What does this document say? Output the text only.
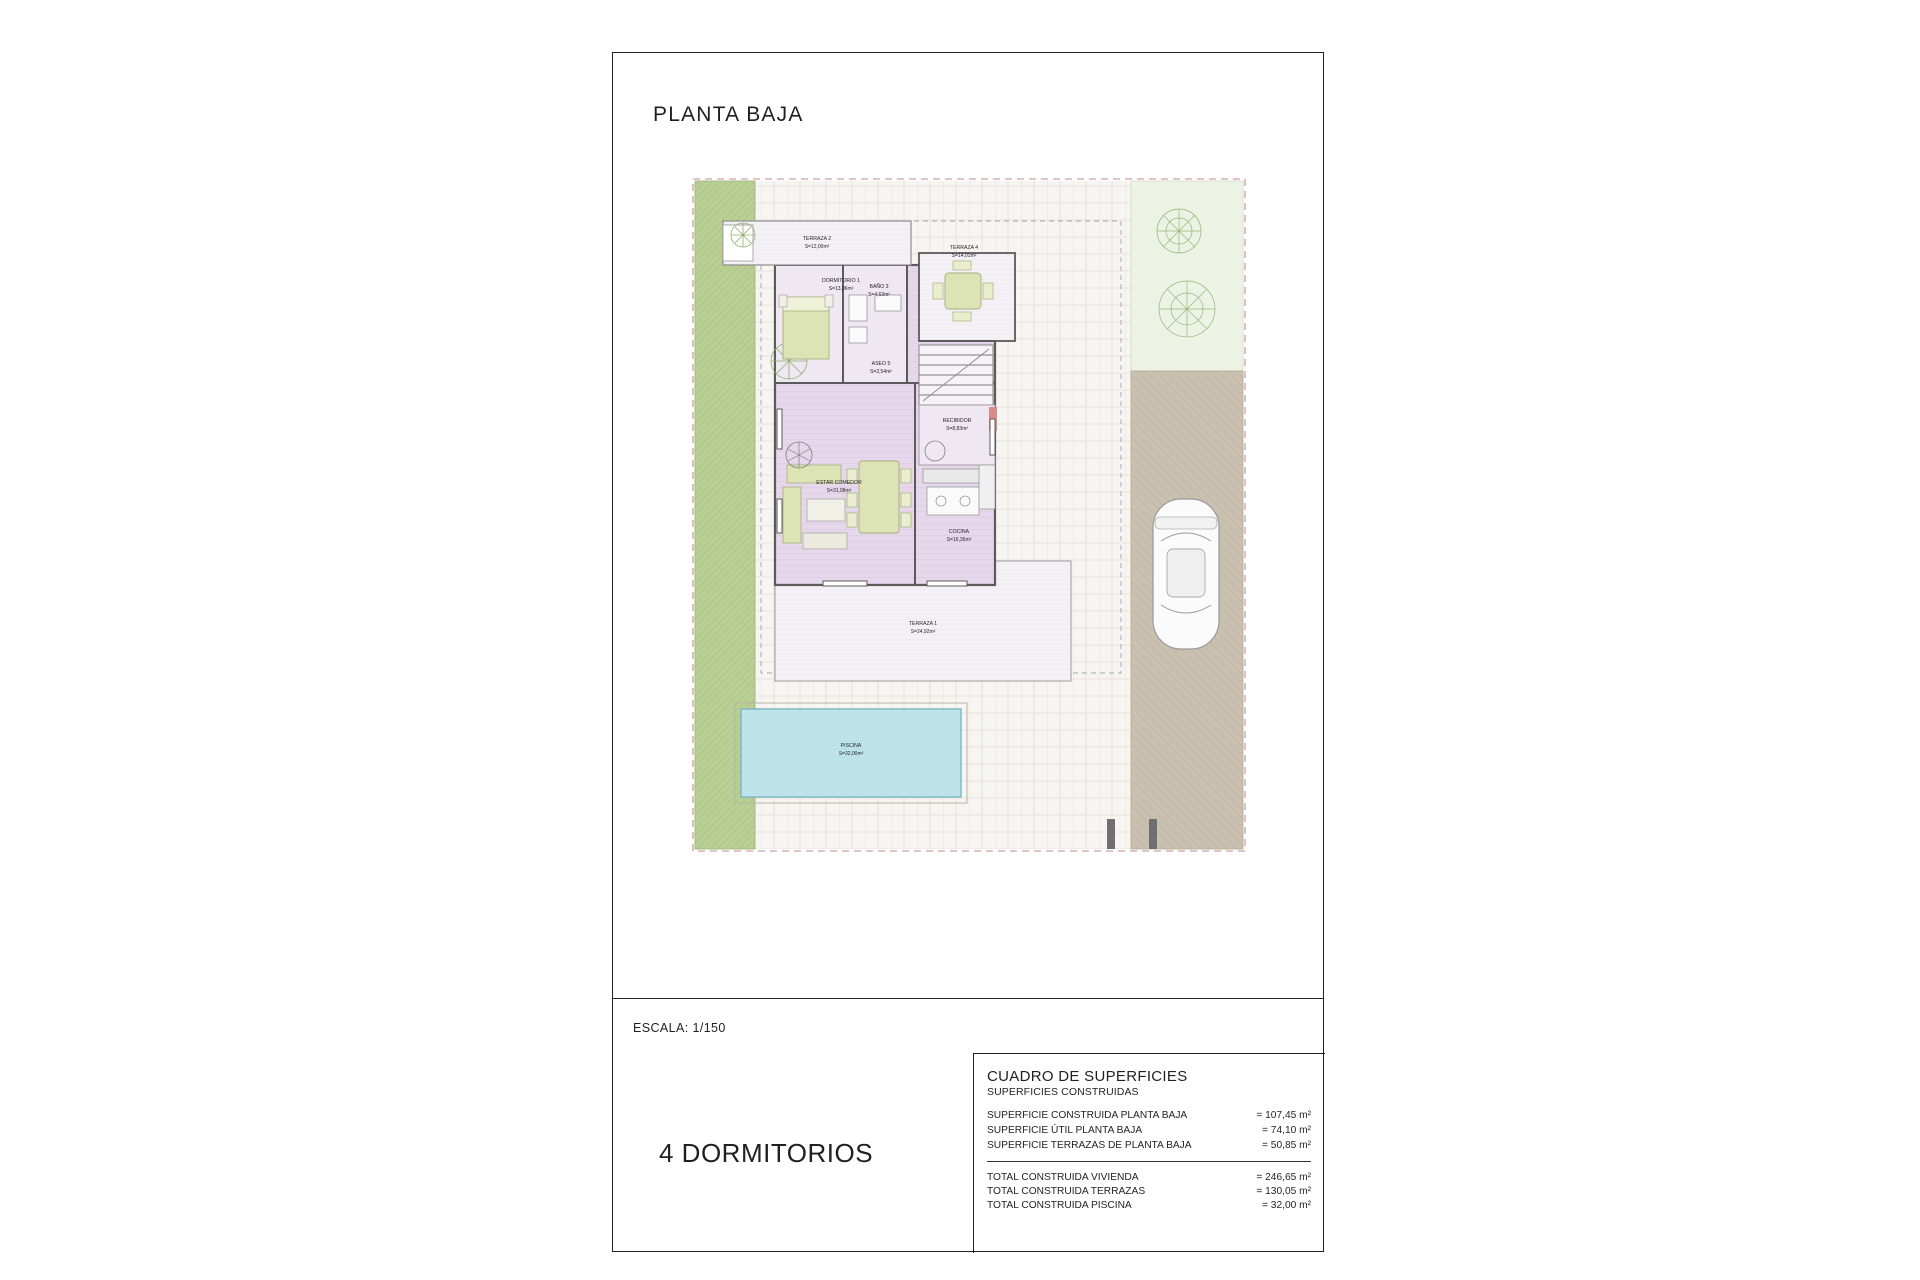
PLANTA BAJA
TERRAZA 2
S=12,00m²
DORMITORIO 1
S=13,06m²	BAÑO 3
S=4,63m²
TERRAZA 4
S=14,01m²
ASEO 5
S=2,54m²
RECIBIDOR
S=8,83m²
ESTAR COMEDOR
S=31,08m²
COCINA
S=16,36m²
TERRAZA 1
S=24,92m²
PISCINA
S=32,00m²
ESCALA: 1/150
4 DORMITORIOS
CUADRO DE SUPERFICIES
SUPERFICIES CONSTRUIDAS
SUPERFICIE CONSTRUIDA PLANTA BAJA	= 107,45 m²
SUPERFICIE ÚTIL PLANTA BAJA	= 74,10 m²
SUPERFICIE TERRAZAS DE PLANTA BAJA	= 50,85 m²
TOTAL CONSTRUIDA VIVIENDA	= 246,65 m²
TOTAL CONSTRUIDA TERRAZAS	= 130,05 m²
TOTAL CONSTRUIDA PISCINA	= 32,00 m²
